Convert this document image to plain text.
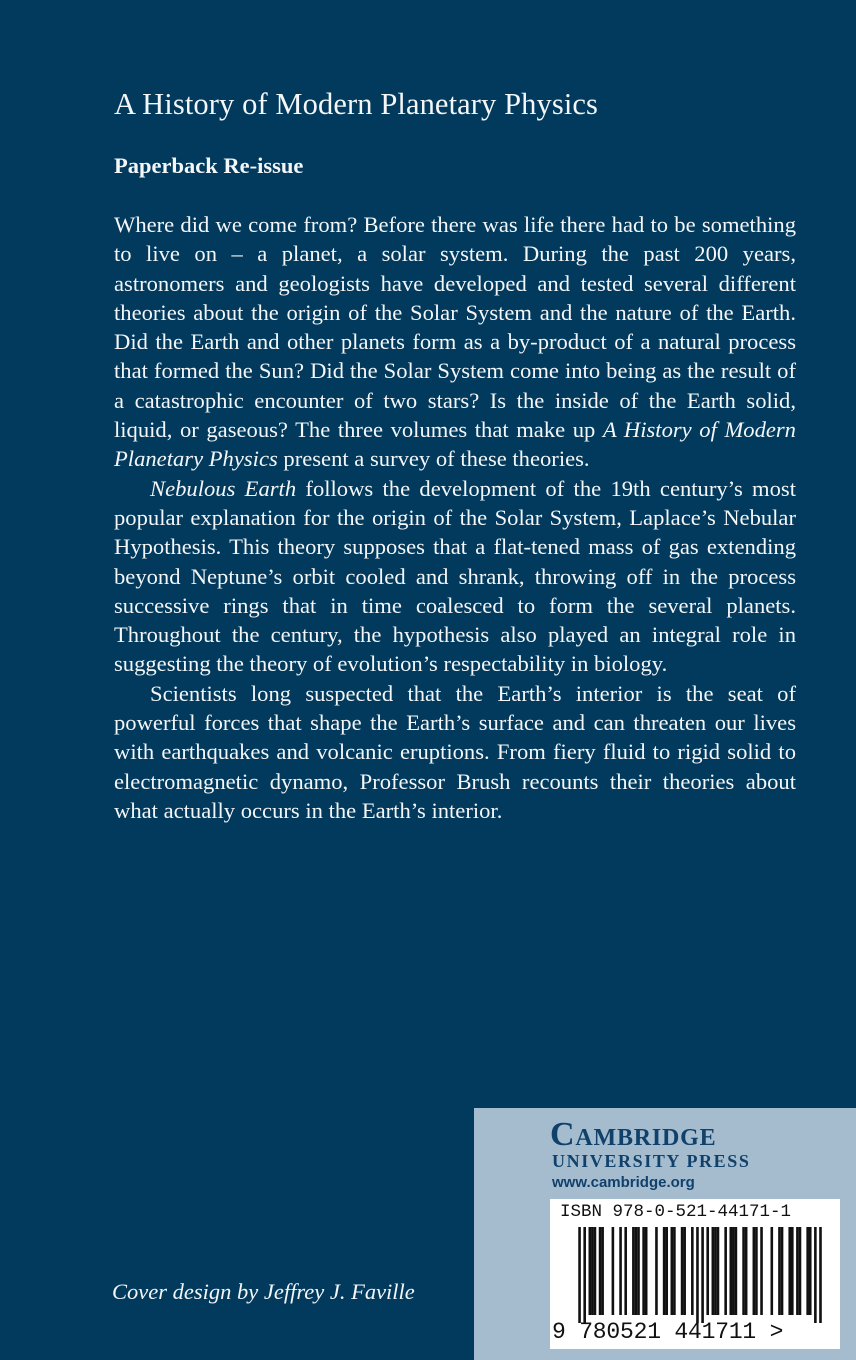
A History of Modern Planetary Physics
Paperback Re-issue

Where did we come from? Before there was life there had to be something to live on – a planet, a solar system. During the past 200 years, astronomers and geologists have developed and tested several different theories about the origin of the Solar System and the nature of the Earth. Did the Earth and other planets form as a by-product of a natural process that formed the Sun? Did the Solar System come into being as the result of a catastrophic encounter of two stars? Is the inside of the Earth solid, liquid, or gaseous? The three volumes that make up A History of Modern Planetary Physics present a survey of these theories.

Nebulous Earth follows the development of the 19th century’s most popular explanation for the origin of the Solar System, Laplace’s Nebular Hypothesis. This theory supposes that a flat-tened mass of gas extending beyond Neptune’s orbit cooled and shrank, throwing off in the process successive rings that in time coalesced to form the several planets. Throughout the century, the hypothesis also played an integral role in suggesting the theory of evolution’s respectability in biology.

Scientists long suspected that the Earth’s interior is the seat of powerful forces that shape the Earth’s surface and can threaten our lives with earthquakes and volcanic eruptions. From fiery fluid to rigid solid to electromagnetic dynamo, Professor Brush recounts their theories about what actually occurs in the Earth’s interior.

Cover design by Jeffrey J. Faville
Cambridge
UNIVERSITY PRESS
www.cambridge.org
ISBN 978-0-521-44171-1
9 780521 441711 >
